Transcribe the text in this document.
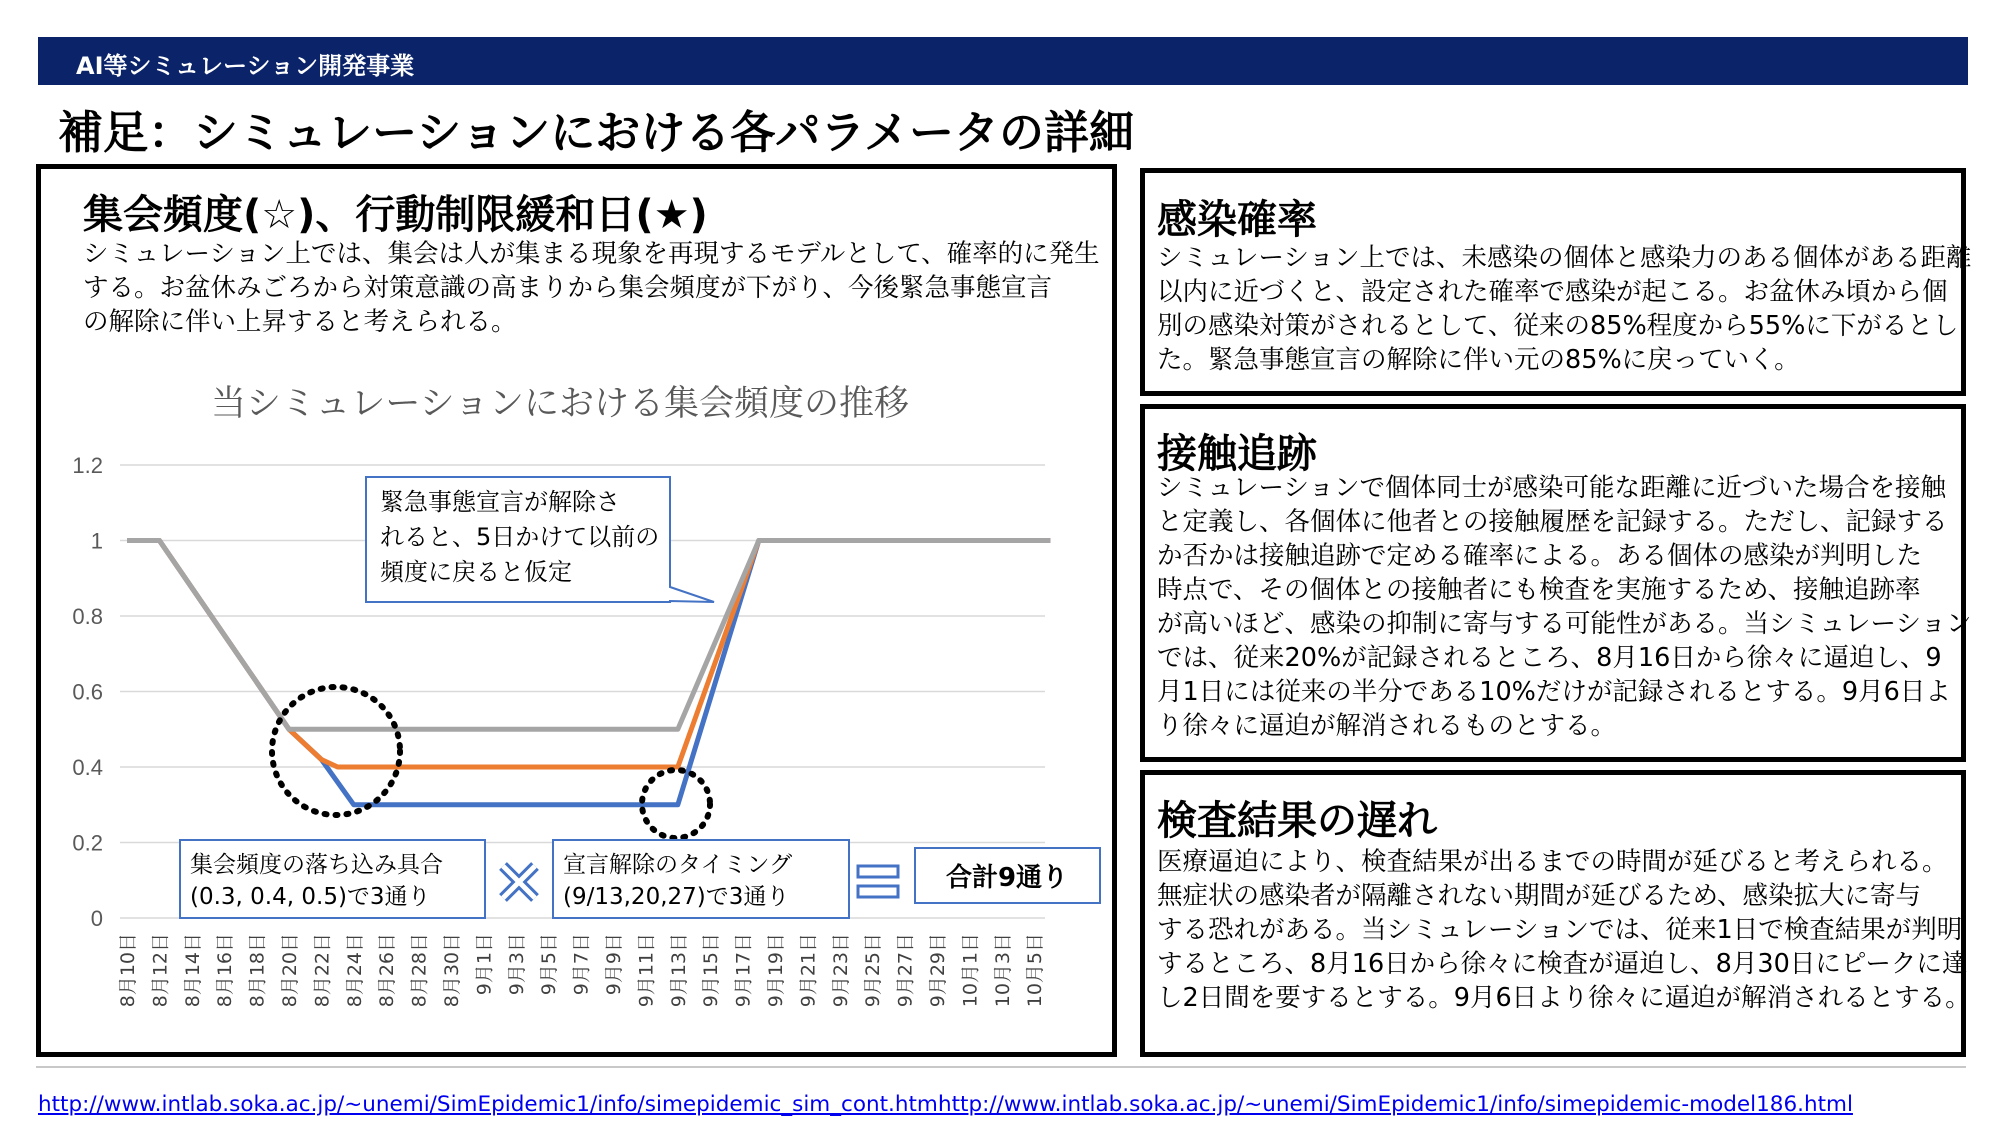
AI等シミュレーション開発事業
補足：シミュレーションにおける各パラメータの詳細
集会頻度(☆)、行動制限緩和日(★)
シミュレーション上では、集会は人が集まる現象を再現するモデルとして、確率的に発生
する。お盆休みごろから対策意識の高まりから集会頻度が下がり、今後緊急事態宣言
の解除に伴い上昇すると考えられる。
当シミュレーションにおける集会頻度の推移
0
0.2
0.4
0.6
0.8
1
1.2
8月10日 8月12日 8月14日 8月16日 8月18日 8月20日 8月22日 8月24日 8月26日 8月28日 8月30日 9月1日 9月3日 9月5日 9月7日 9月9日 9月11日 9月13日 9月15日 9月17日 9月19日 9月21日 9月23日 9月25日 9月27日 9月29日 10月1日 10月3日 10月5日
緊急事態宣言が解除さ
れると、5日かけて以前の
頻度に戻ると仮定
集会頻度の落ち込み具合
(0.3, 0.4, 0.5)で3通り
宣言解除のタイミング
(9/13,20,27)で3通り
合計9通り
感染確率
シミュレーション上では、未感染の個体と感染力のある個体がある距離
以内に近づくと、設定された確率で感染が起こる。お盆休み頃から個
別の感染対策がされるとして、従来の85%程度から55%に下がるとし
た。緊急事態宣言の解除に伴い元の85%に戻っていく。
接触追跡
シミュレーションで個体同士が感染可能な距離に近づいた場合を接触
と定義し、各個体に他者との接触履歴を記録する。ただし、記録する
か否かは接触追跡で定める確率による。ある個体の感染が判明した
時点で、その個体との接触者にも検査を実施するため、接触追跡率
が高いほど、感染の抑制に寄与する可能性がある。当シミュレーション
では、従来20%が記録されるところ、8月16日から徐々に逼迫し、9
月1日には従来の半分である10%だけが記録されるとする。9月6日よ
り徐々に逼迫が解消されるものとする。
検査結果の遅れ
医療逼迫により、検査結果が出るまでの時間が延びると考えられる。
無症状の感染者が隔離されない期間が延びるため、感染拡大に寄与
する恐れがある。当シミュレーションでは、従来1日で検査結果が判明
するところ、8月16日から徐々に検査が逼迫し、8月30日にピークに達
し2日間を要するとする。9月6日より徐々に逼迫が解消されるとする。
http://www.intlab.soka.ac.jp/~unemi/SimEpidemic1/info/simepidemic_sim_cont.html
http://www.intlab.soka.ac.jp/~unemi/SimEpidemic1/info/simepidemic-model186.html
